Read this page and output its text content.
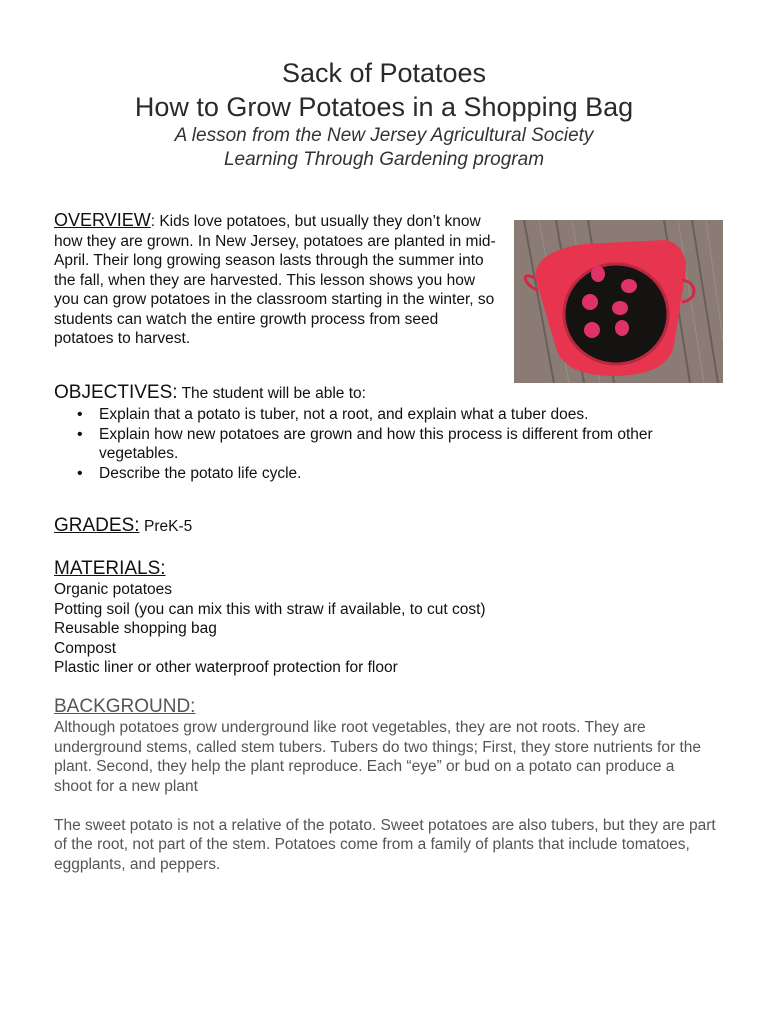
Sack of Potatoes
How to Grow Potatoes in a Shopping Bag
A lesson from the New Jersey Agricultural Society
Learning Through Gardening program

OVERVIEW: Kids love potatoes, but usually they don’t know how they are grown. In New Jersey, potatoes are planted in mid-April. Their long growing season lasts through the summer into the fall, when they are harvested. This lesson shows you how you can grow potatoes in the classroom starting in the winter, so students can watch the entire growth process from seed potatoes to harvest.

OBJECTIVES: The student will be able to:
• Explain that a potato is tuber, not a root, and explain what a tuber does.
• Explain how new potatoes are grown and how this process is different from other vegetables.
• Describe the potato life cycle.
GRADES: PreK-5
MATERIALS:
Organic potatoes
Potting soil (you can mix this with straw if available, to cut cost)
Reusable shopping bag
Compost
Plastic liner or other waterproof protection for floor
BACKGROUND:

Although potatoes grow underground like root vegetables, they are not roots. They are underground stems, called stem tubers. Tubers do two things; First, they store nutrients for the plant. Second, they help the plant reproduce. Each “eye” or bud on a potato can produce a shoot for a new plant

The sweet potato is not a relative of the potato. Sweet potatoes are also tubers, but they are part of the root, not part of the stem. Potatoes come from a family of plants that include tomatoes, eggplants, and peppers.
